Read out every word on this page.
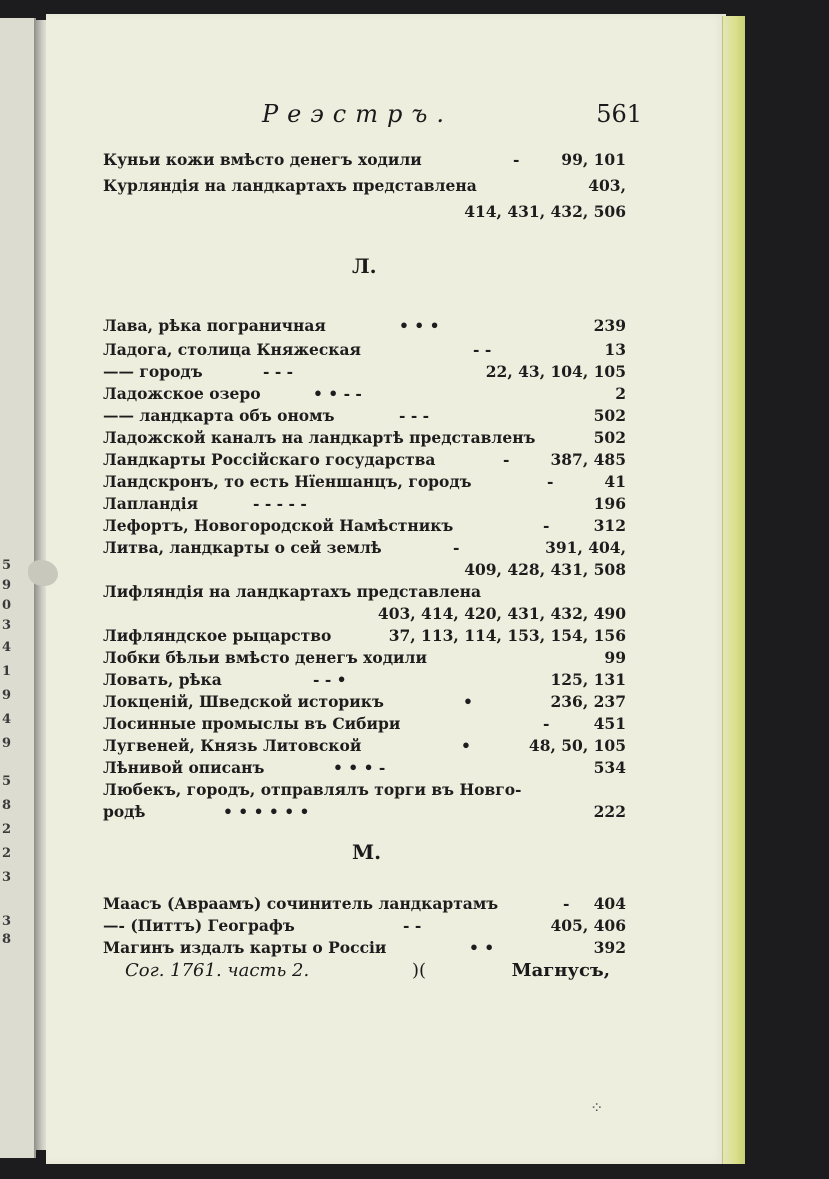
5
9
0
3
4
1
9
4
9
5
8
2
2
3
3
8
Реэстръ.	561
Куньи кожи вмѣсто денегъ ходили	-	99, 101
Курляндія на ландкартахъ представлена	403,
414, 431, 432, 506
Л.
Лава, рѣка пограничная	• • •	239
Ладога, столица Княжеская	- -	13
—— городъ	- - -	22, 43, 104, 105
Ладожское озеро	• • - -	2
—— ландкарта объ ономъ	- - -	502
Ладожской каналъ на ландкартѣ представленъ	502
Ландкарты Россійскаго государства	-	387, 485
Ландскронъ, то есть Нїеншанцъ, городъ	-	41
Лапландія	- - - - -	196
Лефортъ, Новогородской Намѣстникъ	-	312
Литва, ландкарты о сей землѣ	-	391, 404,
409, 428, 431, 508
Лифляндія на ландкартахъ представлена
403, 414, 420, 431, 432, 490
Лифляндское рыцарство	37, 113, 114, 153, 154, 156
Лобки бѣльи вмѣсто денегъ ходили	99
Ловать, рѣка	- - •	125, 131
Локценій, Шведской историкъ	•	236, 237
Лосинные промыслы въ Сибири	-	451
Лугвеней, Князь Литовской	•	48, 50, 105
Лѣнивой описанъ	• • • -	534
Любекъ, городъ, отправлялъ торги въ Новго-
родѣ	• • • • • •	222
М.
Маасъ (Авраамъ) сочинитель ландкартамъ	- 404
—- (Питтъ) Географъ	- -	405, 406
Магинъ издалъ карты о Россіи	• •	392
Сог. 1761. часть 2.	)(	Магнусъ,
⁘
